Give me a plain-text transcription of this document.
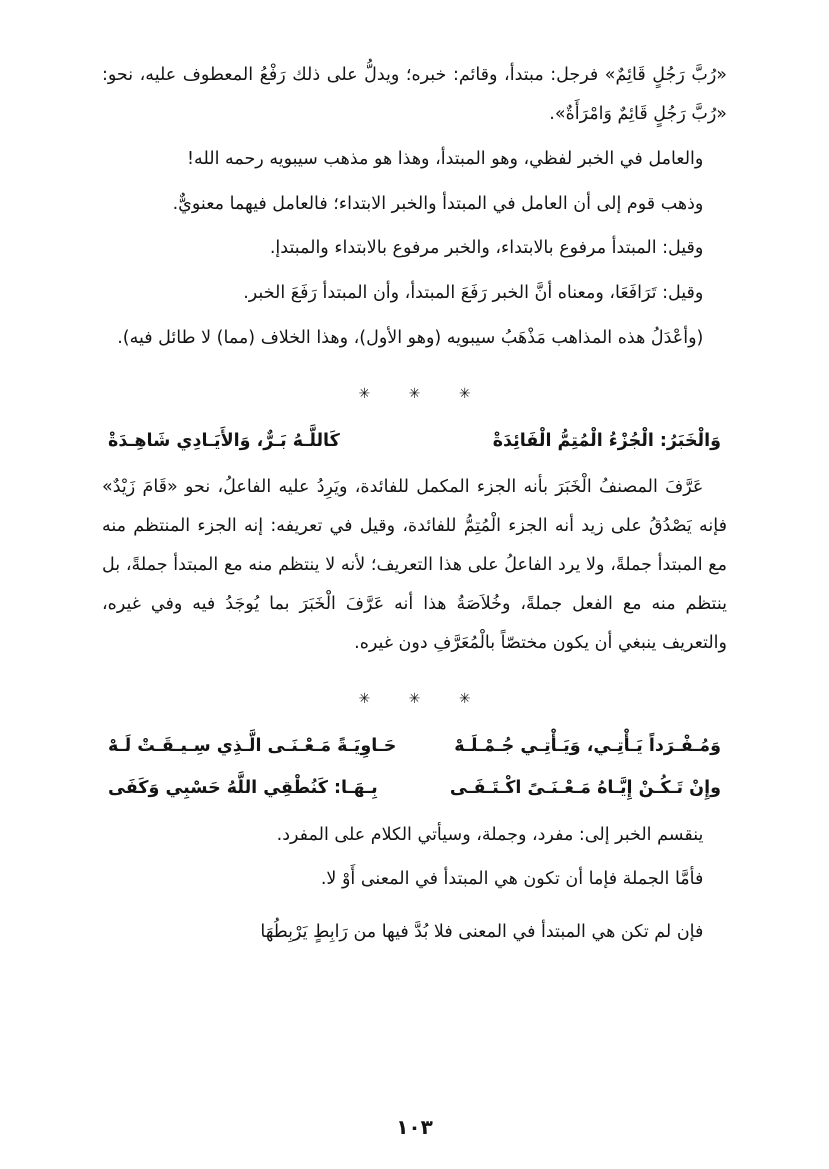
«رُبَّ رَجُلٍ قَائِمٌ» فرجل: مبتدأ، وقائم: خبره؛ ويدلُّ على ذلك رَفْعُ المعطوف عليه، نحو: «رُبَّ رَجُلٍ قَائِمٌ وَامْرَأَةٌ».

والعامل في الخبر لفظي، وهو المبتدأ، وهذا هو مذهب سيبويه رحمه الله!

وذهب قوم إلى أن العامل في المبتدأ والخبر الابتداء؛ فالعامل فيهما معنويٌّ.

وقيل: المبتدأ مرفوع بالابتداء، والخبر مرفوع بالابتداء والمبتدإ.

وقيل: تَرَافَعَا، ومعناه أنَّ الخبر رَفَعَ المبتدأ، وأن المبتدأ رَفَعَ الخبر.

(وأعْدَلُ هذه المذاهب مَذْهَبُ سيبويه (وهو الأول)، وهذا الخلاف (مما) لا طائل فيه).

✳ ✳ ✳
وَالْخَبَرُ: الْجُزْءُ الْمُتِمُّ الْفَائِدَةْ
كَاللَّـهُ بَـرٌّ، وَالأَيَـادِي شَاهِـدَةْ

عَرَّفَ المصنفُ الْخَبَرَ بأنه الجزء المكمل للفائدة، ويَرِدُ عليه الفاعلُ، نحو «قَامَ زَيْدٌ» فإنه يَصْدُقُ على زيد أنه الجزء الْمُتِمُّ للفائدة، وقيل في تعريفه: إنه الجزء المنتظم منه مع المبتدأ جملةً، ولا يرد الفاعلُ على هذا التعريف؛ لأنه لا ينتظم منه مع المبتدأ جملةً، بل ينتظم منه مع الفعل جملةً، وخُلاَصَةُ هذا أنه عَرَّفَ الْخَبَرَ بما يُوجَدُ فيه وفي غيره، والتعريف ينبغي أن يكون مختصّاً بالْمُعَرَّفِ دون غيره.

✳ ✳ ✳
وَمُـفْـرَداً يَـأْتِـي، وَيَـأْتِـي جُـمْـلَـهْ
حَـاوِيَـةً مَـعْـنَـى الَّـذِي سِـيـقَـتْ لَـهْ
وإِنْ تَـكُـنْ إِيَّـاهُ مَـعْـنَـىً اكْـتَـفَـى
بِـهَـا: كَنُطْقِي اللَّهُ حَسْبِي وَكَفَى

ينقسم الخبر إلى: مفرد، وجملة، وسيأتي الكلام على المفرد.

فأمَّا الجملة فإما أن تكون هي المبتدأ في المعنى أَوْ لا.

فإن لم تكن هي المبتدأ في المعنى فلا بُدَّ فيها من رَابِطٍ يَرْبِطُهَا

١٠٣
